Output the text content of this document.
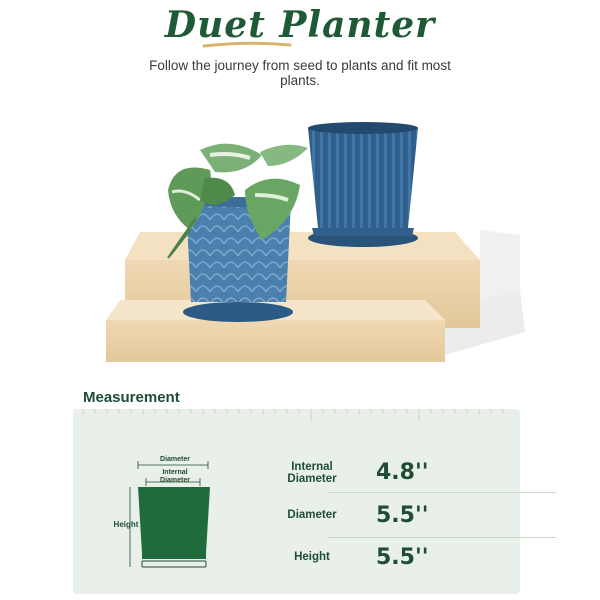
Duet Planter
Follow the journey from seed to plants and fit most plants.
Measurement
Diameter
Internal Diameter
Height
Internal Diameter	4.8''
Diameter	5.5''
Height	5.5''
